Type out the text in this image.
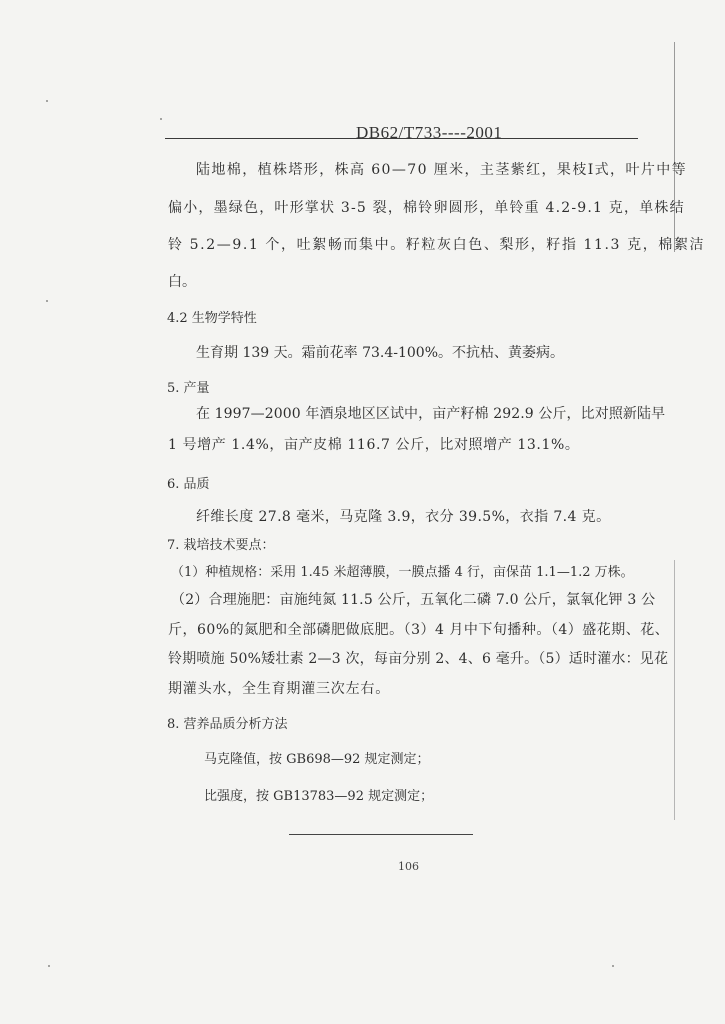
DB62/T733----2001
陆地棉，植株塔形，株高 60—70 厘米，主茎紫红，果枝Ⅰ式，叶片中等
偏小，墨绿色，叶形掌状 3-5 裂，棉铃卵圆形，单铃重 4.2-9.1 克，单株结
铃 5.2—9.1 个，吐絮畅而集中。籽粒灰白色、梨形，籽指 11.3 克，棉絮洁
白。
4.2 生物学特性
生育期 139 天。霜前花率 73.4-100%。不抗枯、黄萎病。
5. 产量
在 1997—2000 年酒泉地区区试中，亩产籽棉 292.9 公斤，比对照新陆早
1 号增产 1.4%，亩产皮棉 116.7 公斤，比对照增产 13.1%。
6. 品质
纤维长度 27.8 毫米，马克隆 3.9，衣分 39.5%，衣指 7.4 克。
7. 栽培技术要点：
（1）种植规格：采用 1.45 米超薄膜，一膜点播 4 行，亩保苗 1.1—1.2 万株。
（2）合理施肥：亩施纯氮 11.5 公斤，五氧化二磷 7.0 公斤，氯氧化钾 3 公
斤，60%的氮肥和全部磷肥做底肥。（3）4 月中下旬播种。（4）盛花期、花、
铃期喷施 50%矮壮素 2—3 次，每亩分别 2、4、6 毫升。（5）适时灌水：见花
期灌头水，全生育期灌三次左右。
8. 营养品质分析方法
马克隆值，按 GB698—92 规定测定；
比强度，按 GB13783—92 规定测定；
106
